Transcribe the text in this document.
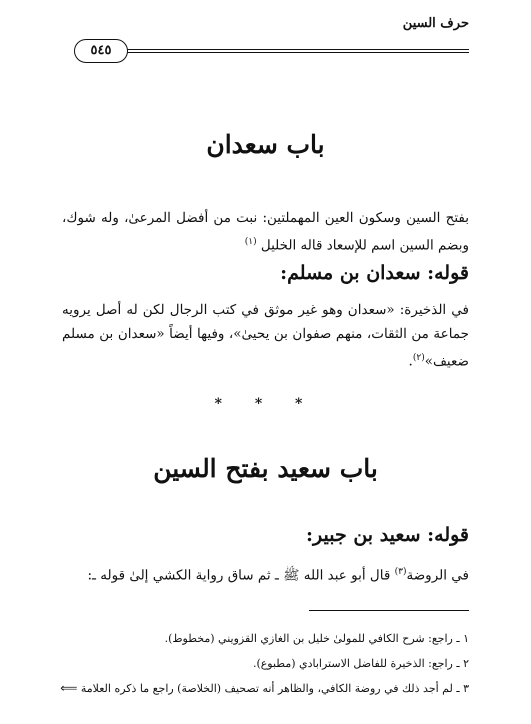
حرف السين
٥٤٥
باب سعدان
بفتح السين وسكون العين المهملتين: نبت من أفضل المرعىٰ، وله شوك، وبضم السين اسم للإسعاد قاله الخليل $^{(١)}$
قوله: سعدان بن مسلم:
في الذخيرة: «سعدان وهو غير موثق في كتب الرجال لكن له أصل يرويه جماعة من الثقات، منهم صفوان بن يحيىٰ»، وفيها أيضاً «سعدان بن مسلم ضعيف»$^{(٢)}$.
* * *
باب سعيد بفتح السين
قوله: سعيد بن جبير:
في الروضة$^{(٣)}$ قال أبو عبد الله ﷺ ـ ثم ساق رواية الكشي إلىٰ قوله ـ:
١ ـ راجع: شرح الكافي للمولىٰ خليل بن الغازي القزويني (مخطوط).
٢ ـ راجع: الذخيرة للفاضل الاسترابادي (مطبوع).
٣ ـ لم أجد ذلك في روضة الكافي، والظاهر أنه تصحيف (الخلاصة) راجع ما ذكره العلامة ⟸
